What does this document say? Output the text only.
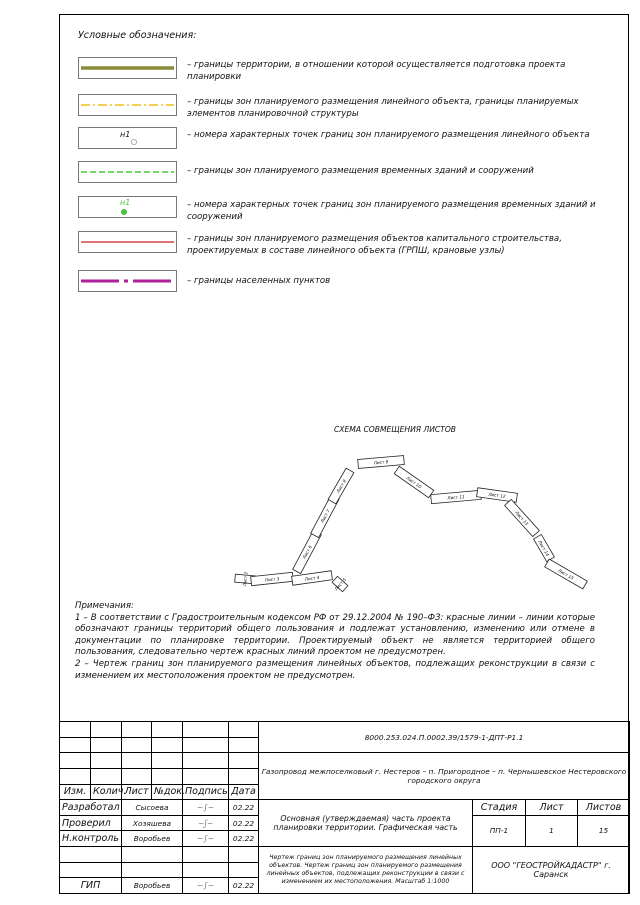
Условные обозначения:
– границы территории, в отношении которой осуществляется подготовка проекта планировки
– границы зон планируемого размещения линейного объекта, границы планируемых элементов планировочной структуры
н1	– номера характерных точек границ зон планируемого размещения линейного объекта
– границы зон планируемого размещения временных зданий и сооружений
н1	– номера характерных точек границ зон планируемого размещения временных зданий и сооружений
– границы зон планируемого размещения объектов капитального строительства, проектируемых в составе линейного объекта (ГРПШ, крановые узлы)
– границы населенных пунктов
СХЕМА СОВМЕЩЕНИЯ ЛИСТОВ
Лист 2	Лист 3	Лист 4	Лист 5
Лист 6
Лист 7
Лист 8
Лист 9
Лист 10
Лист 11	Лист 12
Лист 13
Лист 14
Лист 15

Примечания:

1 – В соответствии с Градостроительным кодексом РФ от 29.12.2004 № 190–ФЗ: красные линии – линии которые обозначают границы территорий общего пользования и подлежат установлению, изменению или отмене в документации по планировке территории. Проектируемый объект не является территорией общего пользования, следовательно чертеж красных линий проектом не предусмотрен.

2 – Чертеж границ зон планируемого размещения линейных объектов, подлежащих реконструкции в связи с изменением их местоположения проектом не предусмотрен.

						8000.253.024.П.0002.39/1579-1-ДПТ-Р1.1			

						Газопровод межпоселковый г. Нестеров – п. Пригородное – п. Чернышевское Нестеровского городского округа			

Изм.	Колич.	Лист	№док.	Подпись	Дата				
Разработал		Сысоева		~∫~	02.22	Основная (утверждаемая) часть проекта планировки территории. Графическая часть	Стадия	Лист	Листов
Проверил		Хозяшева		~ʃ~	02.22		ПП-1	1	15
Н.контроль		Воробьев		~∫~	02.22				
						Чертеж границ зон планируемого размещения линейных объектов. Чертеж границ зон планируемого размещения линейных объектов, подлежащих реконструкции в связи с изменением их местоположения. Масштаб 1:1000	ООО "ГЕОСТРОЙКАДАСТР" г. Саранск		

ГИП		Воробьев		~∫~	02.22				
